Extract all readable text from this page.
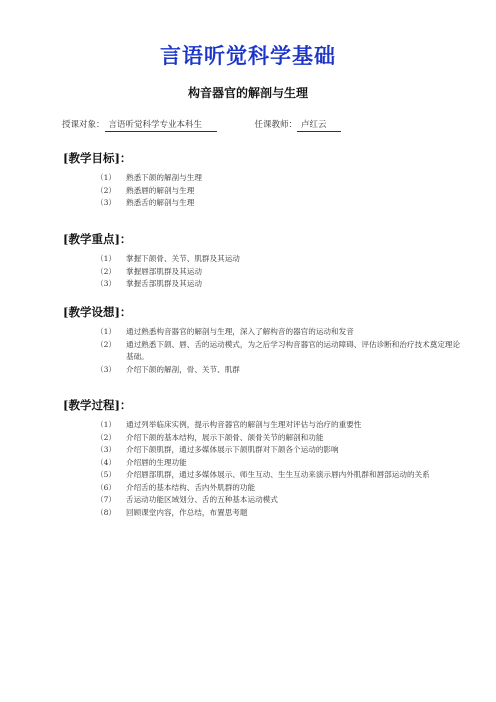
言语听觉科学基础
构音器官的解剖与生理
授课对象： 言语听觉科学专业本科生	任课教师： 卢红云
[教学目标]：
（1）	熟悉下颌的解剖与生理
（2）	熟悉唇的解剖与生理
（3）	熟悉舌的解剖与生理
[教学重点]：
（1）	掌握下颌骨、关节、肌群及其运动
（2）	掌握唇部肌群及其运动
（3）	掌握舌部肌群及其运动
[教学设想]：
（1）	通过熟悉构音器官的解剖与生理，深入了解构音的器官的运动和发音
（2）	通过熟悉下颌、唇、舌的运动模式，为之后学习构音器官的运动障碍、评估诊断和治疗技术奠定理论基础。
（3）	介绍下颌的解剖，骨、关节、肌群
[教学过程]：
（1）	通过列举临床实例，提示构音器官的解剖与生理对评估与治疗的重要性
（2）	介绍下颌的基本结构，展示下颌骨、颌骨关节的解剖和功能
（3）	介绍下颌肌群，通过多媒体展示下颌肌群对下颌各个运动的影响
（4）	介绍唇的生理功能
（5）	介绍唇部肌群，通过多媒体展示、师生互动、生生互动来演示唇内外肌群和唇部运动的关系
（6）	介绍舌的基本结构、舌内外肌群的功能
（7）	舌运动功能区域划分、舌的五种基本运动模式
（8）	回顾课堂内容，作总结，布置思考题
